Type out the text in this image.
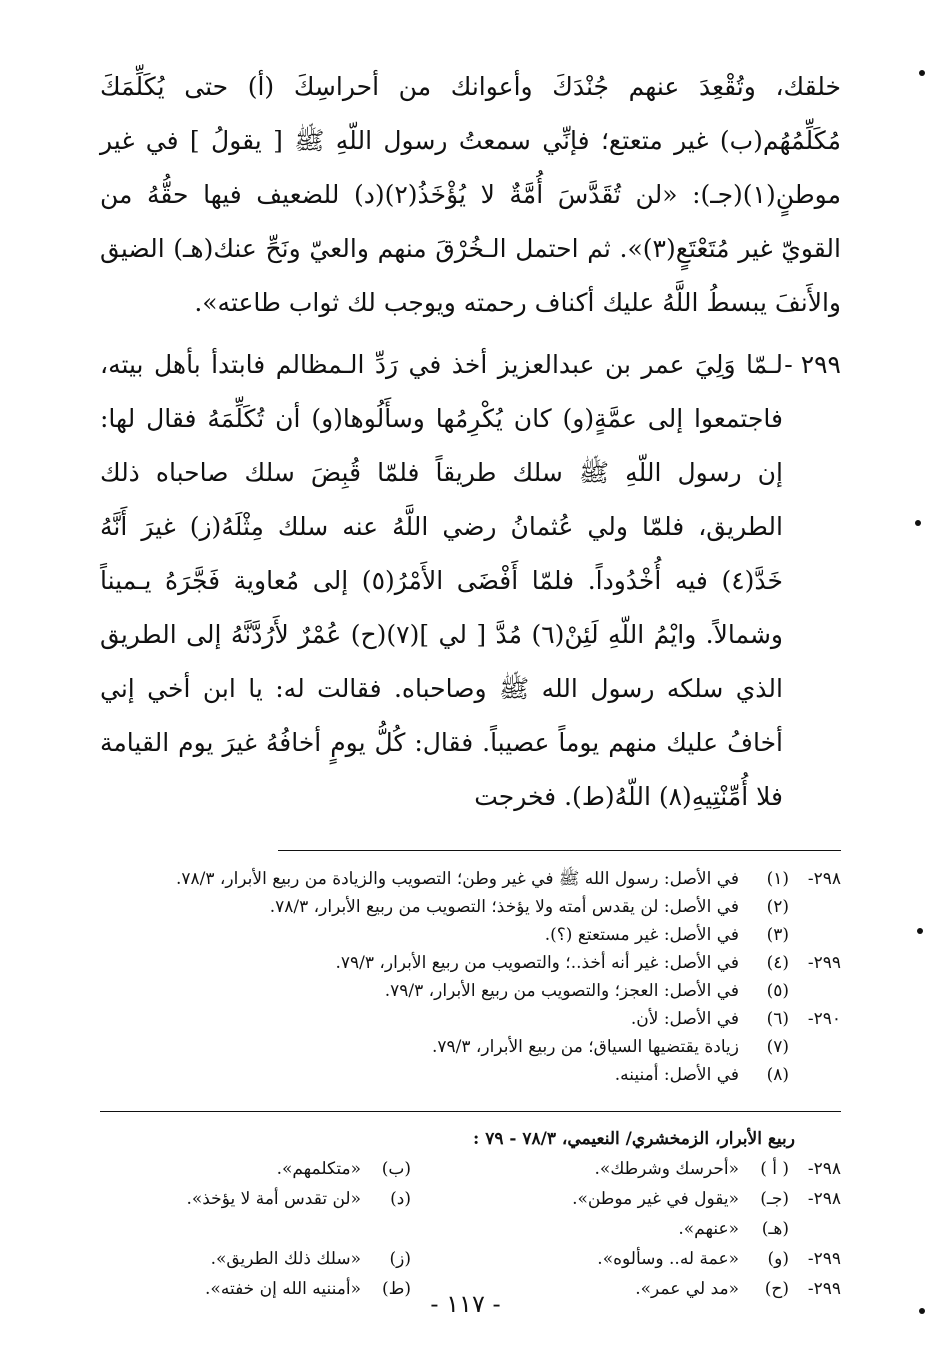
خلقك، وتُقْعِدَ عنهم جُنْدَكَ وأعوانك من أحراسِكَ (أ) حتى يُكَلِّمَكَ مُكَلِّمُهُم(ب) غير متعتع؛ فإنِّي سمعتُ رسول اللّهِ ﷺ [ يقولُ ] في غير موطنٍ(١)(جـ): «لن تُقَدَّسَ أُمَّةٌ لا يُؤْخَذُ(٢)(د) للضعيف فيها حقُّهُ من القويّ غير مُتَعْتَعٍ(٣)». ثم احتمل الـخُرْقَ منهم والعيّ ونَحِّ عنك(هـ) الضيق والأَنفَ يبسطُ اللَّهُ عليك أكناف رحمته ويوجب لك ثواب طاعته».

٢٩٩ -
لـمّا وَلِيَ عمر بن عبدالعزيز أخذ في رَدِّ الـمظالم فابتدأ بأهل بيته، فاجتمعوا إلى عمَّةٍ(و) كان يُكْرِمُها وسأَلُوها(و) أن تُكَلِّمَهُ فقال لها: إن رسول اللّهِ ﷺ سلك طريقاً فلمّا قُبِضَ سلك صاحباه ذلك الطريق، فلمّا ولي عُثمانُ رضي اللَّهُ عنه سلك مِثْلَهُ(ز) غيرَ أَنَّهُ خَدَّ(٤) فيه أُخْدُوداً. فلمّا أَفْضَى الأَمْرُ(٥) إلى مُعاوية فَجَّرَهُ يـميناً وشمالاً. وايْمُ اللّهِ لَئِنْ(٦) مُدَّ [ لي ](٧)(ح) عُمْرٌ لأَرُدَّنَّهُ إلى الطريق الذي سلكه رسول الله ﷺ وصاحباه. فقالت له: يا ابن أخي إني أخافُ عليك منهم يوماً عصيباً. فقال: كُلُّ يومٍ أخافُهُ غيرَ يوم القيامة فلا أُمِّنْتِيهِ(٨) اللّهُ(ط). فخرجت

٢٩٨-
(١)
في الأصل: رسول الله ﷺ في غير وطن؛ التصويب والزيادة من ربيع الأبرار، ٧٨/٣.
(٢)
في الأصل: لن يقدس أمته ولا يؤخذ؛ التصويب من ربيع الأبرار، ٧٨/٣.
(٣)
في الأصل: غير مستعتع (؟).
٢٩٩-
(٤)
في الأصل: غير أنه أخذ..؛ والتصويب من ربيع الأبرار، ٧٩/٣.
(٥)
في الأصل: العجز؛ والتصويب من ربيع الأبرار، ٧٩/٣.
٢٩٠-
(٦)
في الأصل: لأن.
(٧)
زيادة يقتضيها السياق؛ من ربيع الأبرار، ٧٩/٣.
(٨)
في الأصل: أمنينه.
ربيع الأبرار، الزمخشري/ النعيمي، ٧٨/٣ - ٧٩ :
٢٩٨-( أ )«أحرسك وشرطك».
(ب)«متكلمهم».
٢٩٨-(جـ)«يقول في غير موطن».
(د)«لن تقدس أمة لا يؤخذ».
(هـ)«عنهم».
٢٩٩-(و)«عمة له.. وسألوه».
(ز)«سلك ذلك الطريق».
٢٩٩-(ح)«مد لي عمر».
(ط)«أمننيه الله إن خفته».
- ١١٧ -
